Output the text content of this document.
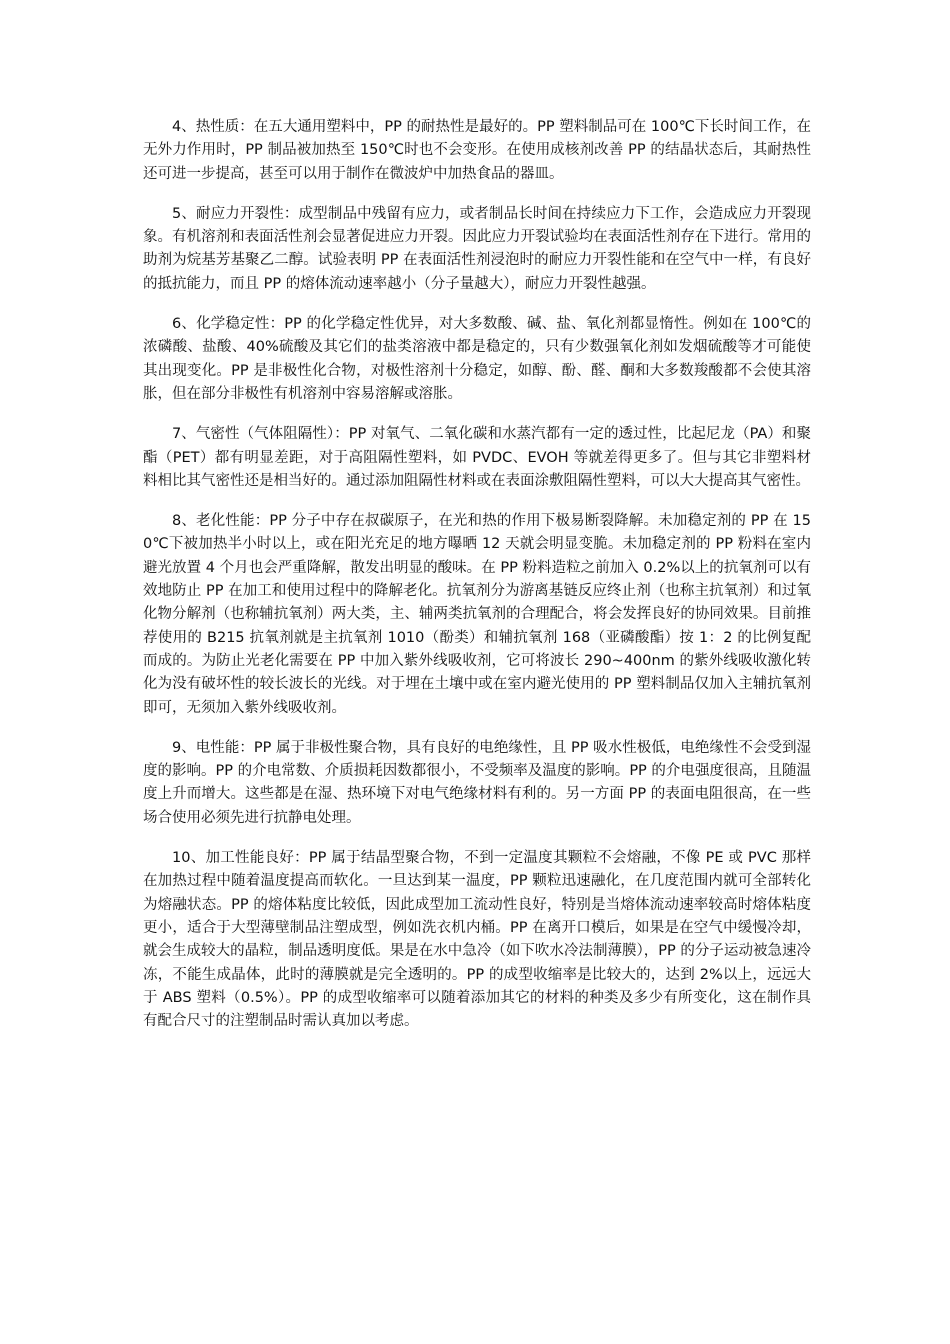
4、热性质：在五大通用塑料中，PP 的耐热性是最好的。PP 塑料制品可在 100℃下长时间工作，在无外力作用时，PP 制品被加热至 150℃时也不会变形。在使用成核剂改善 PP 的结晶状态后，其耐热性还可进一步提高，甚至可以用于制作在微波炉中加热食品的器皿。

5、耐应力开裂性：成型制品中残留有应力，或者制品长时间在持续应力下工作，会造成应力开裂现象。有机溶剂和表面活性剂会显著促进应力开裂。因此应力开裂试验均在表面活性剂存在下进行。常用的助剂为烷基芳基聚乙二醇。试验表明 PP 在表面活性剂浸泡时的耐应力开裂性能和在空气中一样，有良好的抵抗能力，而且 PP 的熔体流动速率越小（分子量越大），耐应力开裂性越强。

6、化学稳定性：PP 的化学稳定性优异，对大多数酸、碱、盐、氧化剂都显惰性。例如在 100℃的浓磷酸、盐酸、40%硫酸及其它们的盐类溶液中都是稳定的，只有少数强氧化剂如发烟硫酸等才可能使其出现变化。PP 是非极性化合物，对极性溶剂十分稳定，如醇、酚、醛、酮和大多数羧酸都不会使其溶胀，但在部分非极性有机溶剂中容易溶解或溶胀。

7、气密性（气体阻隔性）：PP 对氧气、二氧化碳和水蒸汽都有一定的透过性，比起尼龙（PA）和聚酯（PET）都有明显差距，对于高阻隔性塑料，如 PVDC、EVOH 等就差得更多了。但与其它非塑料材料相比其气密性还是相当好的。通过添加阻隔性材料或在表面涂敷阻隔性塑料，可以大大提高其气密性。

8、老化性能：PP 分子中存在叔碳原子，在光和热的作用下极易断裂降解。未加稳定剂的 PP 在 150℃下被加热半小时以上，或在阳光充足的地方曝晒 12 天就会明显变脆。未加稳定剂的 PP 粉料在室内避光放置 4 个月也会严重降解，散发出明显的酸味。在 PP 粉料造粒之前加入 0.2%以上的抗氧剂可以有效地防止 PP 在加工和使用过程中的降解老化。抗氧剂分为游离基链反应终止剂（也称主抗氧剂）和过氧化物分解剂（也称辅抗氧剂）两大类，主、辅两类抗氧剂的合理配合，将会发挥良好的协同效果。目前推荐使用的 B215 抗氧剂就是主抗氧剂 1010（酚类）和辅抗氧剂 168（亚磷酸酯）按 1：2 的比例复配而成的。为防止光老化需要在 PP 中加入紫外线吸收剂，它可将波长 290~400nm 的紫外线吸收激化转化为没有破坏性的较长波长的光线。对于埋在土壤中或在室内避光使用的 PP 塑料制品仅加入主辅抗氧剂即可，无须加入紫外线吸收剂。

9、电性能：PP 属于非极性聚合物，具有良好的电绝缘性，且 PP 吸水性极低，电绝缘性不会受到湿度的影响。PP 的介电常数、介质损耗因数都很小，不受频率及温度的影响。PP 的介电强度很高，且随温度上升而增大。这些都是在湿、热环境下对电气绝缘材料有利的。另一方面 PP 的表面电阻很高，在一些场合使用必须先进行抗静电处理。

10、加工性能良好：PP 属于结晶型聚合物，不到一定温度其颗粒不会熔融，不像 PE 或 PVC 那样在加热过程中随着温度提高而软化。一旦达到某一温度，PP 颗粒迅速融化，在几度范围内就可全部转化为熔融状态。PP 的熔体粘度比较低，因此成型加工流动性良好，特别是当熔体流动速率较高时熔体粘度更小，适合于大型薄壁制品注塑成型，例如洗衣机内桶。PP 在离开口模后，如果是在空气中缓慢冷却，就会生成较大的晶粒，制品透明度低。果是在水中急冷（如下吹水冷法制薄膜），PP 的分子运动被急速冷冻，不能生成晶体，此时的薄膜就是完全透明的。PP 的成型收缩率是比较大的，达到 2%以上，远远大于 ABS 塑料（0.5%）。PP 的成型收缩率可以随着添加其它的材料的种类及多少有所变化，这在制作具有配合尺寸的注塑制品时需认真加以考虑。
